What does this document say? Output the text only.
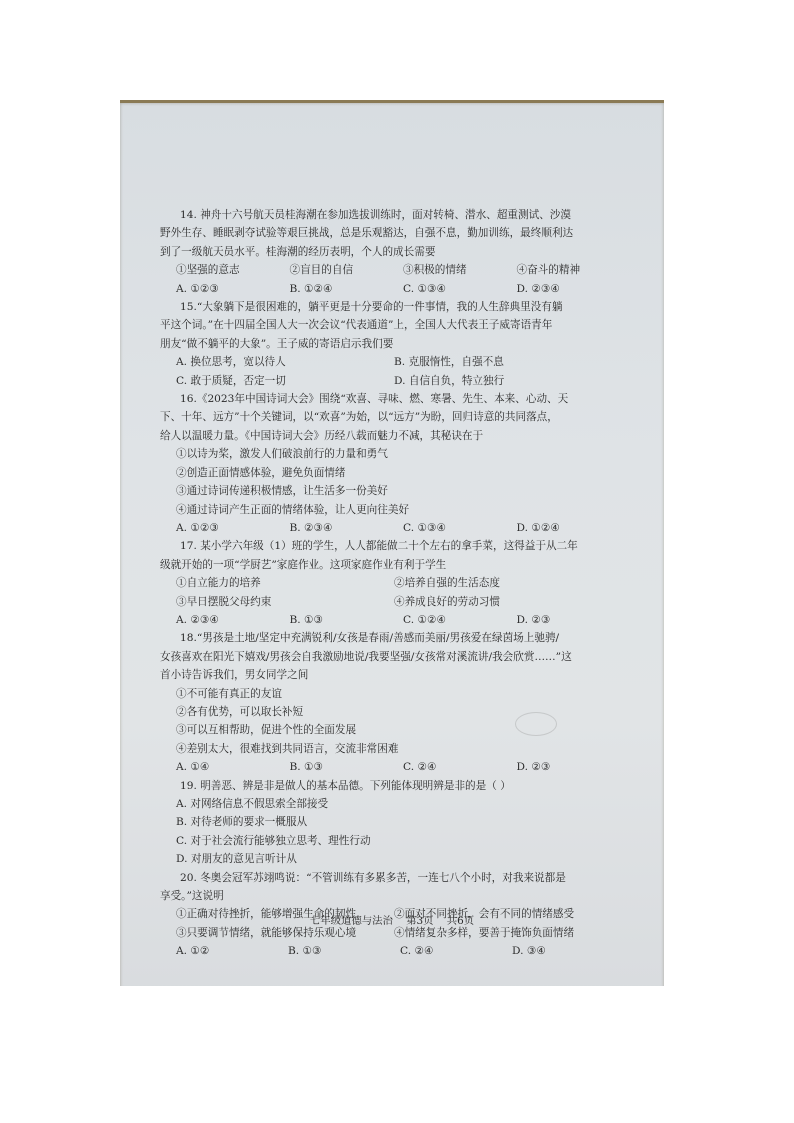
14. 神舟十六号航天员桂海潮在参加选拔训练时，面对转椅、潜水、超重测试、沙漠
野外生存、睡眠剥夺试验等艰巨挑战，总是乐观豁达，自强不息，勤加训练，最终顺利达
到了一级航天员水平。桂海潮的经历表明，个人的成长需要
①坚强的意志	②盲目的自信	③积极的情绪	④奋斗的精神
A. ①②③	B. ①②④	C. ①③④	D. ②③④
15.“大象躺下是很困难的，躺平更是十分要命的一件事情，我的人生辞典里没有躺
平这个词。”在十四届全国人大一次会议“代表通道”上，全国人大代表王子威寄语青年
朋友“做不躺平的大象”。王子威的寄语启示我们要
A. 换位思考，宽以待人	B. 克服惰性，自强不息
C. 敢于质疑，否定一切	D. 自信自负，特立独行
16.《2023年中国诗词大会》围绕“欢喜、寻味、燃、寒暑、先生、本来、心动、天
下、十年、远方”十个关键词，以“欢喜”为始，以“远方”为盼，回归诗意的共同落点，
给人以温暖力量。《中国诗词大会》历经八载而魅力不减，其秘诀在于
①以诗为桨，激发人们破浪前行的力量和勇气
②创造正面情感体验，避免负面情绪
③通过诗词传递积极情感，让生活多一份美好
④通过诗词产生正面的情绪体验，让人更向往美好
A. ①②③	B. ②③④	C. ①③④	D. ①②④
17. 某小学六年级（1）班的学生，人人都能做二十个左右的拿手菜，这得益于从二年
级就开始的一项“学厨艺”家庭作业。这项家庭作业有利于学生
①自立能力的培养	②培养自强的生活态度
③早日摆脱父母约束	④养成良好的劳动习惯
A. ②③④	B. ①③	C. ①②④	D. ②③
18.“男孩是土地/坚定中充满锐利/女孩是春雨/善感而美丽/男孩爱在绿茵场上驰骋/
女孩喜欢在阳光下嬉戏/男孩会自我激励地说/我要坚强/女孩常对溪流讲/我会欣赏……”这
首小诗告诉我们，男女同学之间
①不可能有真正的友谊
②各有优势，可以取长补短
③可以互相帮助，促进个性的全面发展
④差别太大，很难找到共同语言，交流非常困难
A. ①④	B. ①③	C. ②④	D. ②③
19. 明善恶、辨是非是做人的基本品德。下列能体现明辨是非的是（ ）
A. 对网络信息不假思索全部接受
B. 对待老师的要求一概服从
C. 对于社会流行能够独立思考、理性行动
D. 对朋友的意见言听计从
20. 冬奥会冠军苏翊鸣说：“不管训练有多累多苦，一连七八个小时，对我来说都是
享受。”这说明
①正确对待挫折，能够增强生命的韧性	②面对不同挫折，会有不同的情绪感受
③只要调节情绪，就能够保持乐观心境	④情绪复杂多样，要善于掩饰负面情绪
A. ①②	B. ①③	C. ②④	D. ③④
七年级道德与法治    第3页    共6页
